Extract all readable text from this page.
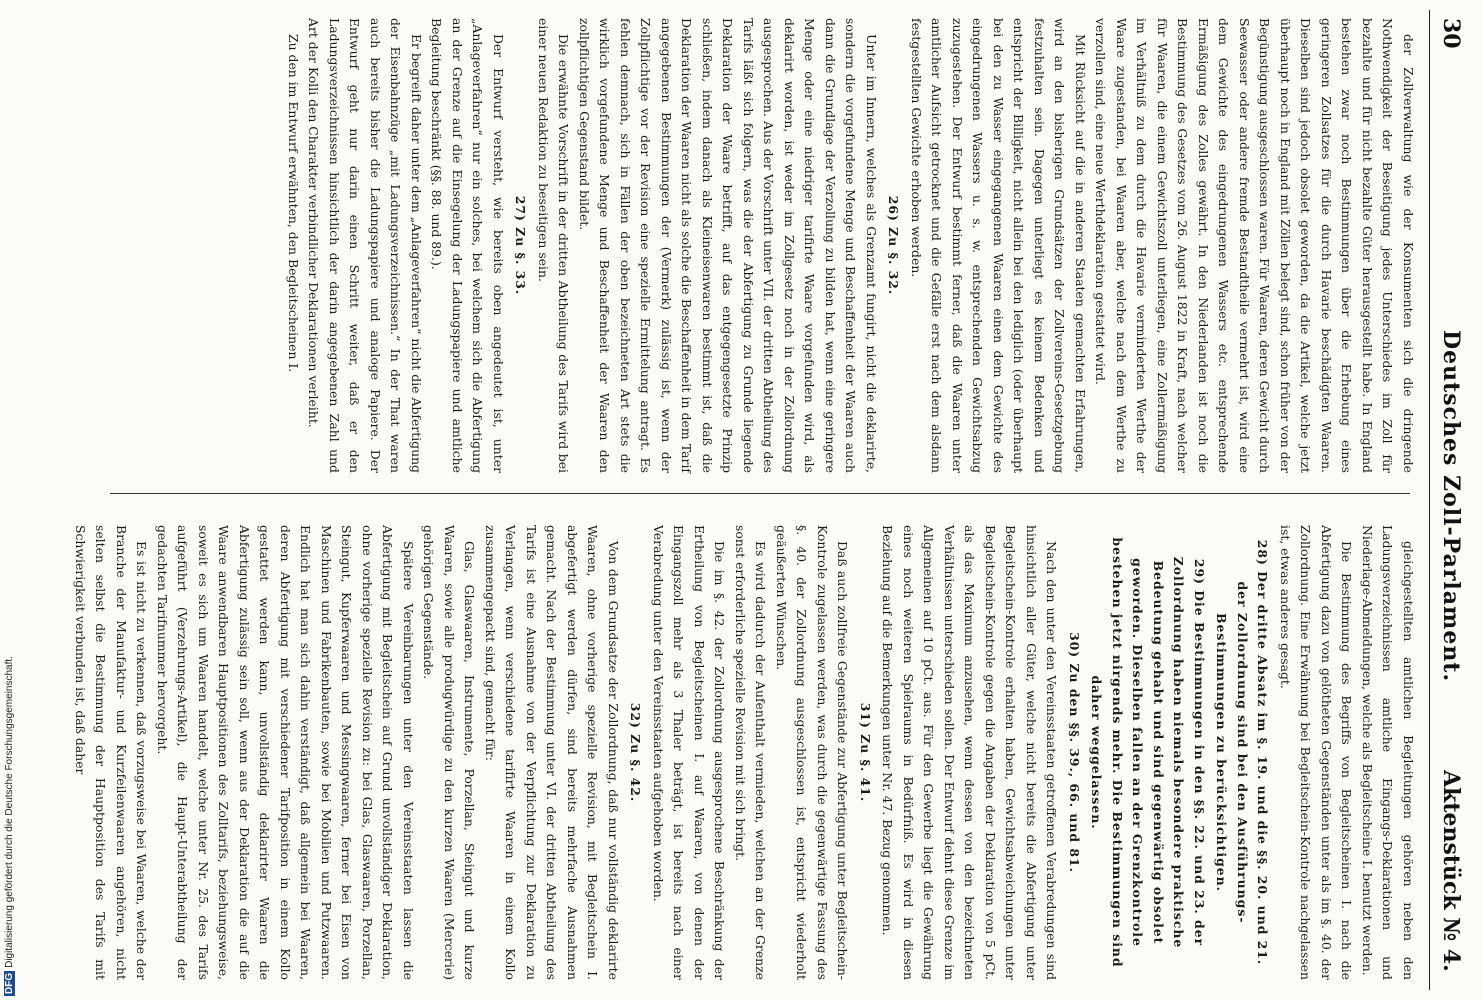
30
Deutsches Zoll-Parlament.
Aktenstück № 4.

der Zollverwaltung wie der Konsumenten sich die dringende Nothwendigkeit der Beseitigung jedes Unterschiedes im Zoll für bezahlte und für nicht bezahlte Güter herausgestellt habe. In England bestehen zwar noch Bestimmungen über die Erhebung eines geringeren Zollsatzes für die durch Havarie beschädigten Waaren. Dieselben sind jedoch obsolet geworden, da die Artikel, welche jetzt überhaupt noch in England mit Zöllen belegt sind, schon früher von der Begünstigung ausgeschlossen waren. Für Waaren, deren Gewicht durch Seewasser oder andere fremde Bestandtheile vermehrt ist, wird eine dem Gewichte des eingedrungenen Wassers etc. entsprechende Ermäßigung des Zolles gewährt. In den Niederlanden ist noch die Bestimmung des Gesetzes vom 26. August 1822 in Kraft, nach welcher für Waaren, die einem Gewichtszoll unterliegen, eine Zollermäßigung im Verhältniß zu dem durch die Havarie verminderten Werthe der Waare zugestanden, bei Waaren aber, welche nach dem Werthe zu verzollen sind, eine neue Werthdeklaration gestattet wird.

Mit Rücksicht auf die in anderen Staaten gemachten Erfahrungen, wird an den bisherigen Grundsätzen der Zollvereins-Gesetzgebung festzuhalten sein. Dagegen unterliegt es keinem Bedenken und entspricht der Billigkeit, nicht allein bei den lediglich (oder überhaupt bei den zu Wasser eingegangenen Waaren einen dem Gewichte des eingedrungenen Wassers u. s. w. entsprechenden Gewichtsabzug zuzugestehen. Der Entwurf bestimmt ferner, daß die Waaren unter amtlicher Aufsicht getrocknet und die Gefälle erst nach dem alsdann festgestellten Gewichte erhoben werden.

26) Zu §. 32.

Unter im Innern, welches als Grenzamt fungirt, nicht die deklarirte, sondern die vorgefundene Menge und Beschaffenheit der Waaren auch dann die Grundlage der Verzollung zu bilden hat, wenn eine geringere Menge oder eine niedriger tarifirte Waare vorgefunden wird, als deklarirt worden, ist weder im Zollgesetz noch in der Zollordnung ausgesprochen. Aus der Vorschrift unter VII. der dritten Abtheilung des Tarifs läßt sich folgern, was die der Abfertigung zu Grunde liegende Deklaration der Waare betrifft, auf das entgegengesetzte Prinzip schließen, indem danach als Kleineisenwaren bestimmt ist, daß die Deklaration der Waaren nicht als solche die Beschaffenheit in dem Tarif angegebenen Bestimmungen der (Vermerk) zulässig ist, wenn der Zollpflichtige vor der Revision eine spezielle Ermittelung antragt. Es fehlen demnach, sich in Fällen der oben bezeichneten Art stets die wirklich vorgefundene Menge und Beschaffenheit der Waaren den zollpflichtigen Gegenstand bildet.

Die erwähnte Vorschrift in der dritten Abtheilung des Tarifs wird bei einer neuen Redaktion zu beseitigen sein.

27) Zu §. 33.

Der Entwurf versteht, wie bereits oben angedeutet ist, unter „Anlageverfahren“ nur ein solches, bei welchem sich die Abfertigung an der Grenze auf die Einsegelung der Ladungspapiere und amtliche Begleitung beschränkt (§§. 88. und 89.).

Er begreift daher unter dem „Anlageverfahren“ nicht die Abfertigung der Eisenbahnzüge „mit Ladungsverzeichnissen.“ In der That waren auch bereits bisher die Ladungspapiere und analoge Papiere. Der Entwurf geht nur darin einen Schritt weiter, daß er den Ladungsverzeichnissen hinsichtlich der darin angegebenen Zahl und Art der Kolli den Charakter verbindlicher Deklarationen verleiht.

Zu den im Entwurf erwähnten, den Begleitscheinen I.

gleichgestellten amtlichen Begleitungen gehören neben den Ladungsverzeichnissen amtliche Eingangs-Deklarationen und Niederlage-Abmeldungen, welche als Begleitscheine I. benutzt werden.

Die Bestimmung des Begriffs von Begleitscheinen I. nach die Abfertigung dazu von gelötheten Gegenständen unter als im §. 40. der Zollordnung. Eine Erwähnung bei Begleitschein-Kontrole nachgelassen ist, etwas anderes gesagt.

28) Der dritte Absatz im §. 19. und die §§. 20. und 21. der Zollordnung sind bei den Ausführungs-Bestimmungen zu berücksichtigen.

29) Die Bestimmungen in den §§. 22. und 23. der Zollordnung haben niemals besondere praktische Bedeutung gehabt und sind gegenwärtig obsolet geworden. Dieselben fallen an der Grenzkontrole bestehen jetzt nirgends mehr. Die Bestimmungen sind daher weggelassen.

30) Zu den §§. 39., 66. und 81.

Nach den unter den Vereinsstaaten getroffenen Verabredungen sind hinsichtlich aller Güter, welche nicht bereits die Abfertigung unter Begleitschein-Kontrole erhalten haben, Gewichtsabweichungen unter Begleitschein-Kontrole gegen die Angaben der Deklaration von 5 pCt. als das Maximum anzusehen, wenn dessen von den bezeichneten Verhältnissen unterschieden sollen. Der Entwurf dehnt diese Grenze im Allgemeinen auf 10 pCt. aus. Für den Gewerbe liegt die Gewährung eines noch weiteren Spielraums in Bedürfniß. Es wird in diesen Beziehung auf die Bemerkungen unter Nr. 47. Bezug genommen.

31) Zu §. 41.

Daß auch zollfreie Gegenstände zur Abfertigung unter Begleitschein-Kontrole zugelassen werden, was durch die gegenwärtige Fassung des §. 40. der Zollordnung ausgeschlossen ist, entspricht wiederholt geäußerten Wünschen.

Es wird dadurch der Aufenthalt vermieden, welchen an der Grenze sonst erforderliche spezielle Revision mit sich bringt.

Die im §. 42. der Zollordnung ausgesprochene Beschränkung der Ertheilung von Begleitscheinen I. auf Waaren, von denen der Eingangszoll mehr als 3 Thaler beträgt, ist bereits nach einer Verabredung unter den Vereinsstaaten aufgehoben worden.

32) Zu §. 42.

Von dem Grundsatze der Zollordnung, daß nur vollständig deklarirte Waaren, ohne vorherige spezielle Revision, mit Begleitschein I. abgefertigt werden dürfen, sind bereits mehrfache Ausnahmen gemacht. Nach der Bestimmung unter VI. der dritten Abtheilung des Tarifs ist eine Ausnahme von der Verpflichtung zur Deklaration zu Verlangen, wenn verschiedene tarifirte Waaren in einem Kollo zusammengepackt sind, gemacht für:

Glas, Glaswaaren, Instrumente, Porzellan, Steingut und kurze Waaren, sowie alle produgwürdige zu den kurzen Waaren (Mercerie) gehörigen Gegenstände.

Spätere Vereinbarungen unter den Vereinsstaaten lassen die Abfertigung mit Begleitschein auf Grund unvollständiger Deklaration, ohne vorherige spezielle Revision zu: bei Glas, Glaswaaren, Porzellan, Steingut, Kupferwaaren und Messingwaaren, ferner bei Eisen von Maschinen und Fabrikenbauten, sowie bei Mobilien und Putzwaaren. Endlich hat man sich dahin verständigt, daß allgemein bei Waaren, deren Abfertigung mit verschiedener Tarifposition in einem Kollo gestattet werden kann, unvollständig deklarirter Waaren die Abfertigung zulässig sein soll, wenn aus der Deklaration die auf die Waare anwendbaren Hauptpositionen des Zolltarifs, beziehungsweise, soweit es sich um Waaren handelt, welche unter Nr. 25. des Tarifs aufgeführt (Verzehrungs-Artikel), die Haupt-Unterabtheilung der gedachten Tarifnummer hervorgeht.

Es ist nicht zu verkennen, daß vorzugsweise bei Waaren, welche der Branche der Manufaktur- und Kurzfeilenwaaren angehören, nicht selten selbst die Bestimmung der Hauptposition des Tarifs mit Schwierigkeit verbunden ist, daß daher

DFGDigitalisierung gefördert durch die Deutsche Forschungsgemeinschaft.
